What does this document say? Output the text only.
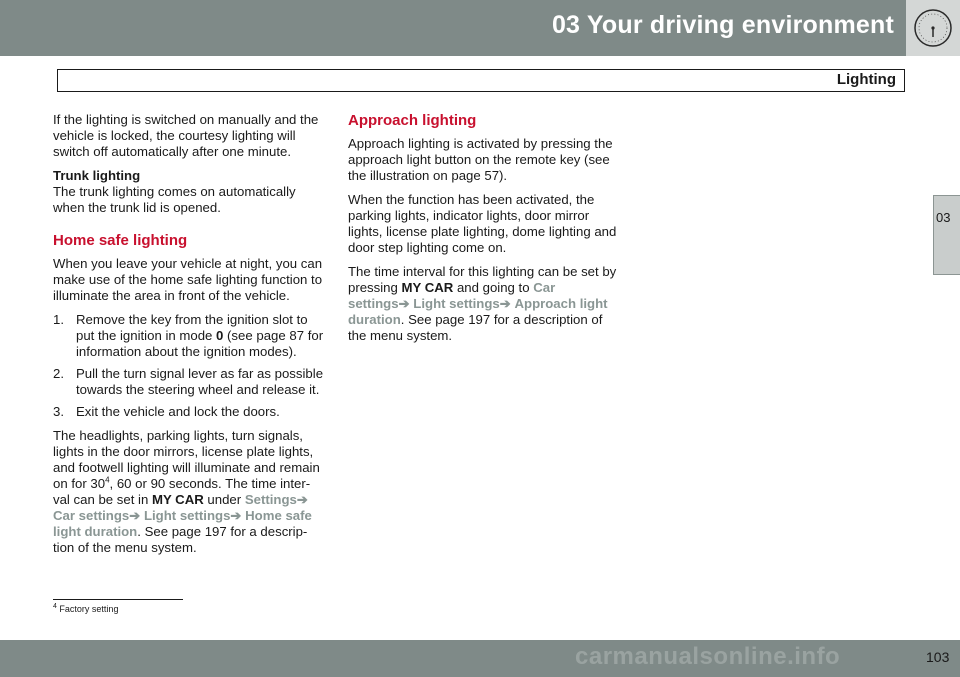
03 Your driving environment
Lighting
03

If the lighting is switched on manually and the vehicle is locked, the courtesy lighting will switch off automatically after one minute.

Trunk lighting

The trunk lighting comes on automatically when the trunk lid is opened.

Home safe lighting

When you leave your vehicle at night, you can make use of the home safe lighting function to illuminate the area in front of the vehicle.

1. Remove the key from the ignition slot to put the ignition in mode 0 (see page 87 for information about the ignition modes).
2. Pull the turn signal lever as far as possible towards the steering wheel and release it.
3. Exit the vehicle and lock the doors.

The headlights, parking lights, turn signals, lights in the door mirrors, license plate lights, and footwell lighting will illuminate and remain on for $30^4$, 60 or 90 seconds. The time inter-val can be set in MY CAR under Settings➔ Car settings➔ Light settings➔ Home safe light duration. See page 197 for a descrip-tion of the menu system.

Approach lighting

Approach lighting is activated by pressing the approach light button on the remote key (see the illustration on page 57).

When the function has been activated, the parking lights, indicator lights, door mirror lights, license plate lighting, dome lighting and door step lighting come on.

The time interval for this lighting can be set by pressing MY CAR and going to Car settings➔ Light settings➔ Approach light duration. See page 197 for a description of the menu system.

$^4$ Factory setting
carmanualsonline.info	103
